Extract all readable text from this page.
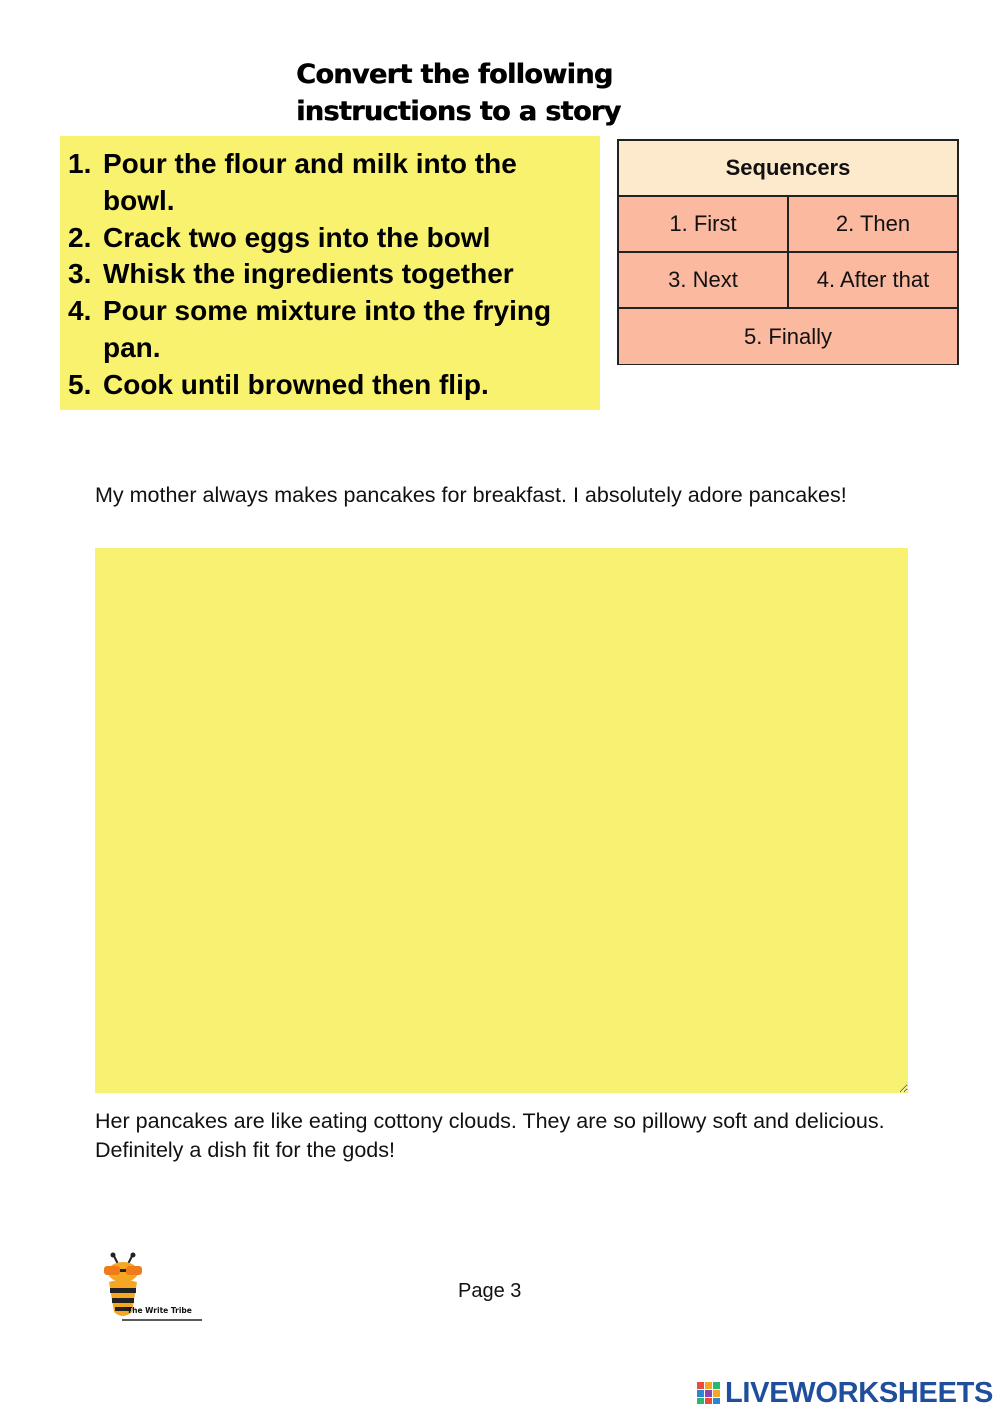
Convert the following
instructions to a story
1. Pour the flour and milk into the bowl.
2. Crack two eggs into the bowl
3. Whisk the ingredients together
4. Pour some mixture into the frying pan.
5. Cook until browned then flip.
Sequencers
1. First	2. Then
3. Next	4. After that
5. Finally
My mother always makes pancakes for breakfast. I absolutely adore pancakes!
Her pancakes are like eating cottony clouds. They are so pillowy soft and delicious. Definitely a dish fit for the gods!
The Write Tribe
Page 3
LIVEWORKSHEETS
